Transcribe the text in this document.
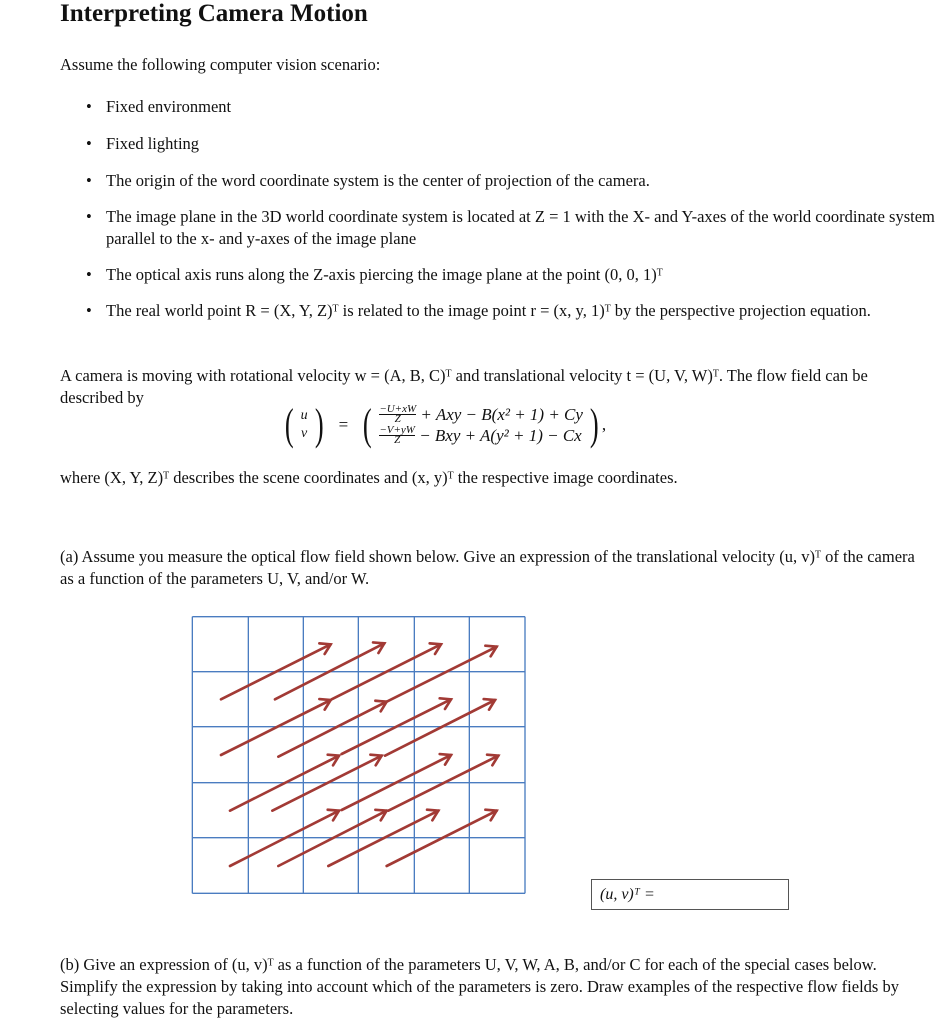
Interpreting Camera Motion
Assume the following computer vision scenario:
• Fixed environment
• Fixed lighting
• The origin of the word coordinate system is the center of projection of the camera.
• The image plane in the 3D world coordinate system is located at Z = 1 with the X- and Y-axes of the world coordinate system parallel to the x- and y-axes of the image plane
• The optical axis runs along the Z-axis piercing the image plane at the point (0, 0, 1)ᵀ
• The real world point R = (X, Y, Z)ᵀ is related to the image point r = (x, y, 1)ᵀ by the perspective projection equation.
A camera is moving with rotational velocity w = (A, B, C)ᵀ and translational velocity t = (U, V, W)ᵀ. The flow field can be described by
( u
v ) = ( $\frac{-U+xW}{Z}$
+ Axy − B(x² + 1) + Cy
$\frac{-V+yW}{Z}$
− Bxy + A(y² + 1) − Cx ) ,
where (X, Y, Z)ᵀ describes the scene coordinates and (x, y)ᵀ the respective image coordinates.
(a) Assume you measure the optical flow field shown below. Give an expression of the translational velocity (u, v)ᵀ of the camera as a function of the parameters U, V, and/or W.
(u, v)ᵀ =
(b) Give an expression of (u, v)ᵀ as a function of the parameters U, V, W, A, B, and/or C for each of the special cases below. Simplify the expression by taking into account which of the parameters is zero. Draw examples of the respective flow fields by selecting values for the parameters.
